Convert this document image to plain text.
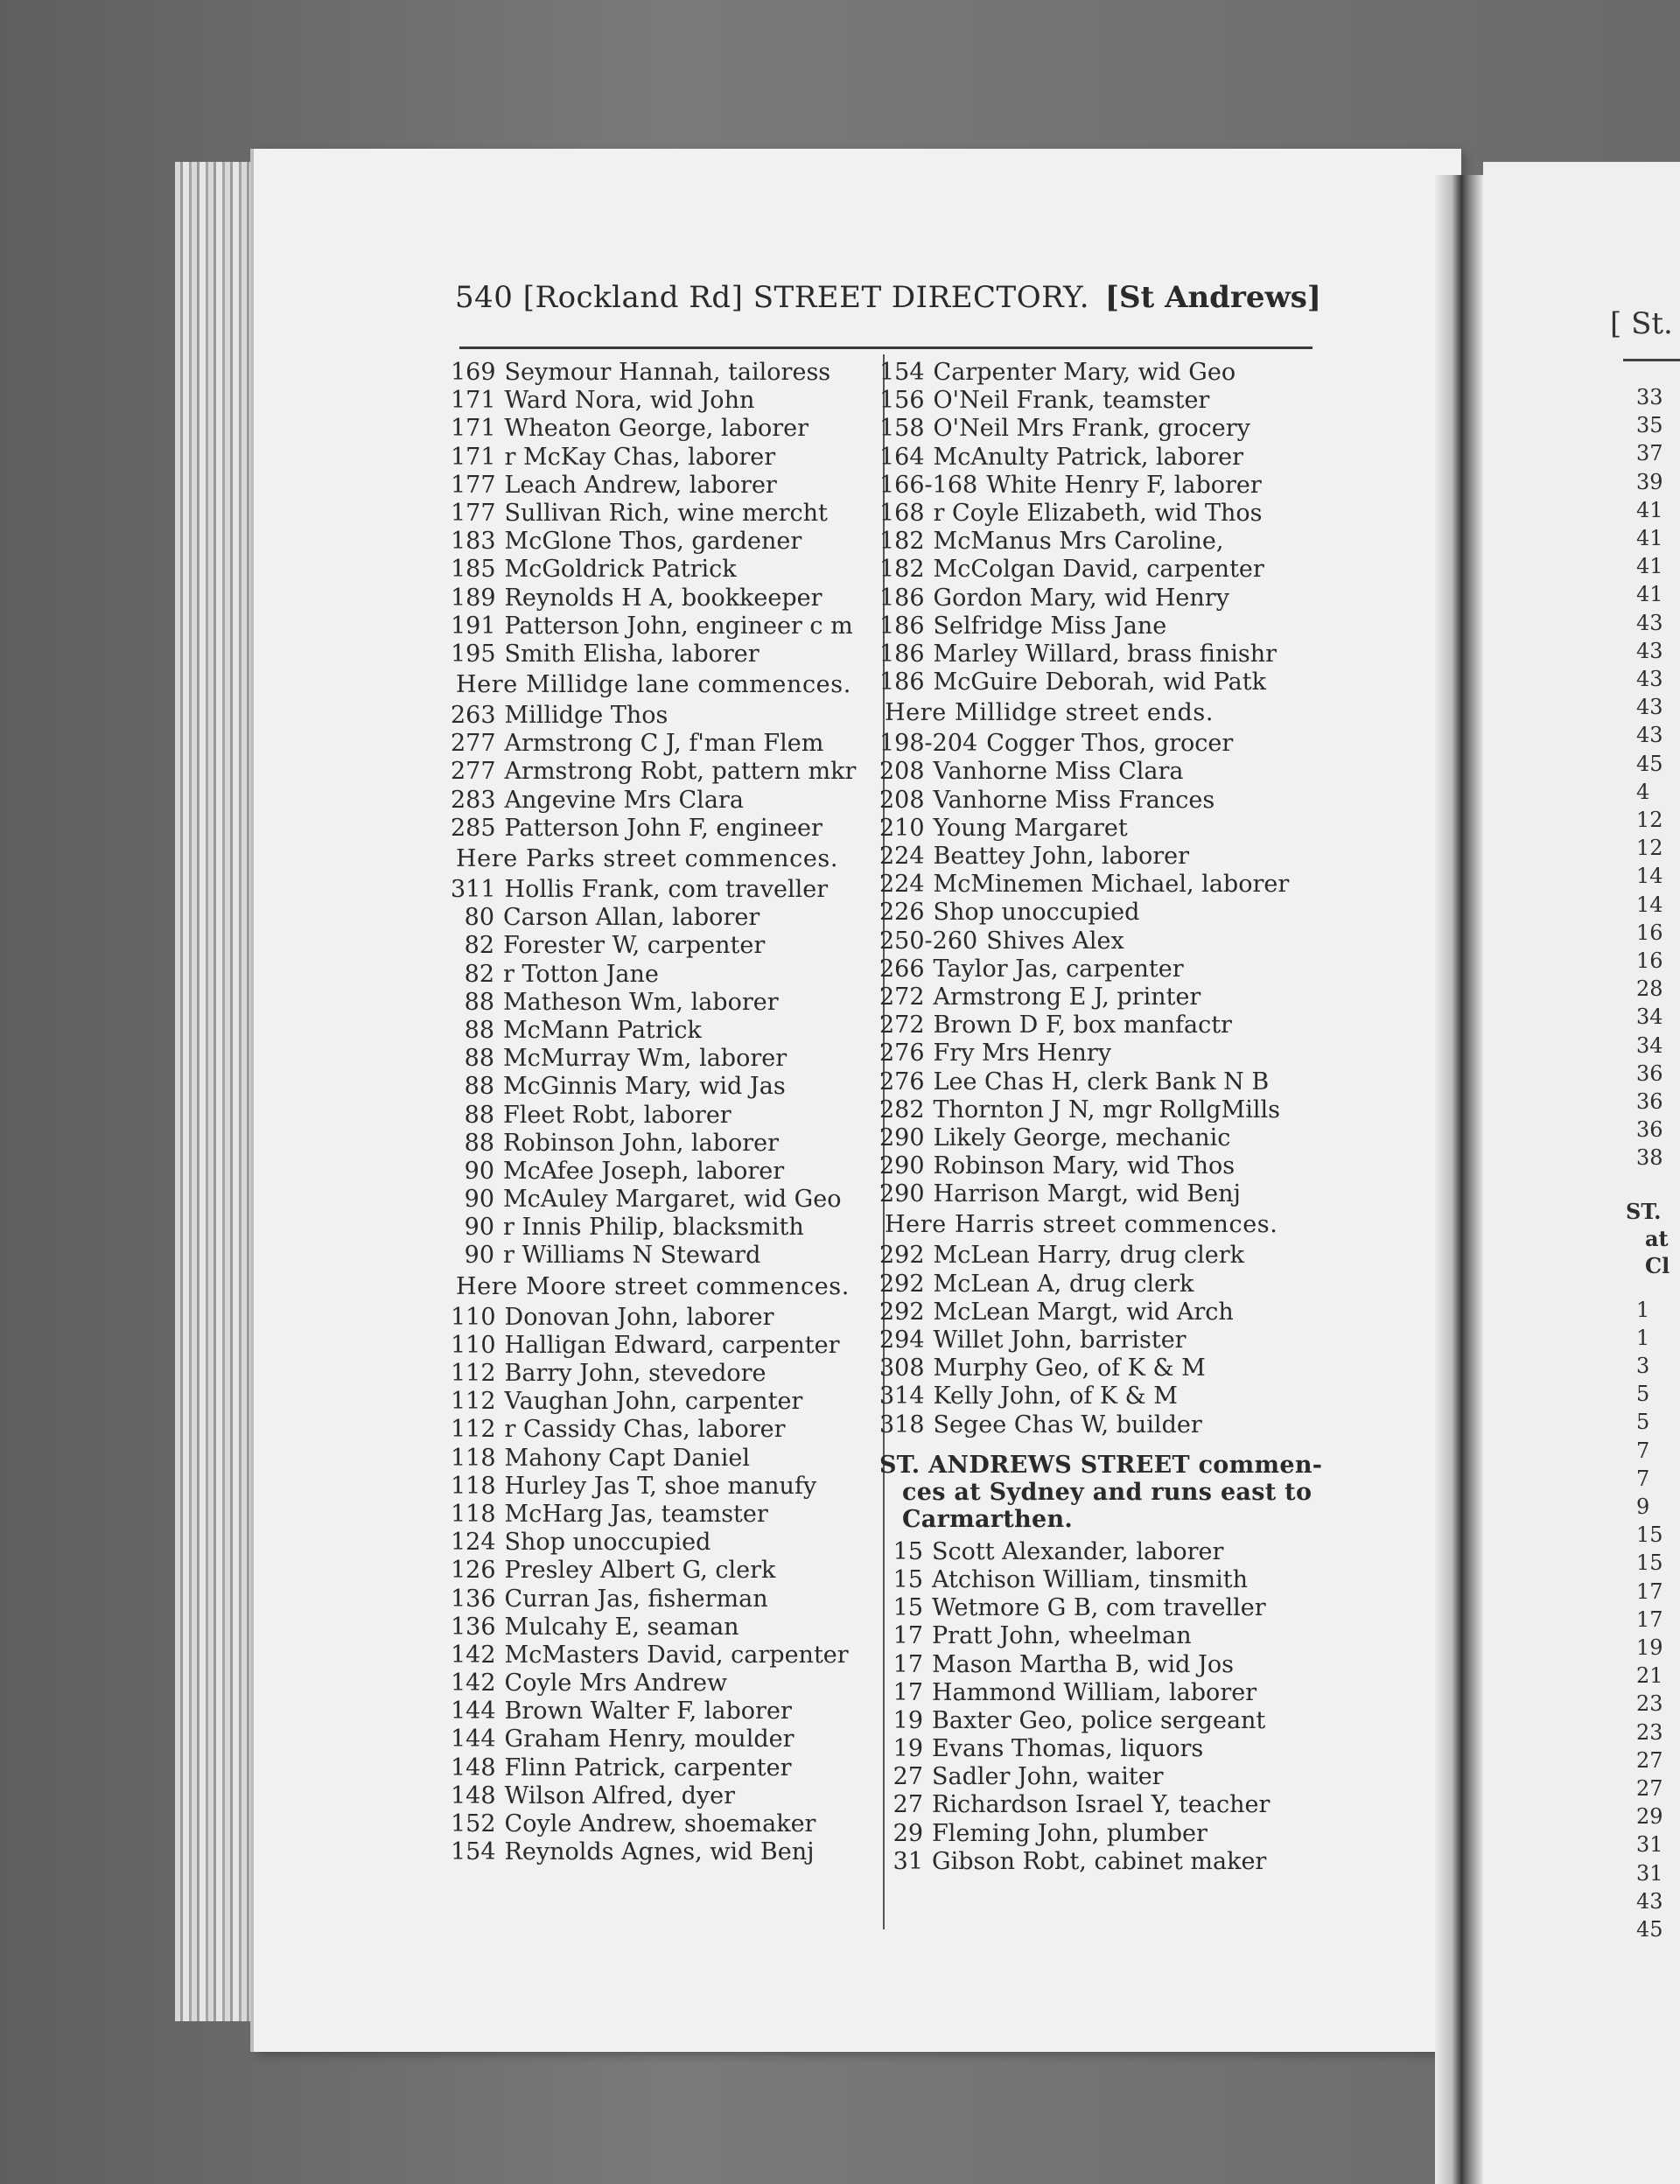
540 [Rockland Rd] STREET DIRECTORY. [St Andrews]
169 Seymour Hannah, tailoress
171 Ward Nora, wid John
171 Wheaton George, laborer
171 r McKay Chas, laborer
177 Leach Andrew, laborer
177 Sullivan Rich, wine mercht
183 McGlone Thos, gardener
185 McGoldrick Patrick
189 Reynolds H A, bookkeeper
191 Patterson John, engineer c m
195 Smith Elisha, laborer
Here Millidge lane commences.
263 Millidge Thos
277 Armstrong C J, f'man Flem
277 Armstrong Robt, pattern mkr
283 Angevine Mrs Clara
285 Patterson John F, engineer
Here Parks street commences.
311 Hollis Frank, com traveller
80 Carson Allan, laborer
82 Forester W, carpenter
82 r Totton Jane
88 Matheson Wm, laborer
88 McMann Patrick
88 McMurray Wm, laborer
88 McGinnis Mary, wid Jas
88 Fleet Robt, laborer
88 Robinson John, laborer
90 McAfee Joseph, laborer
90 McAuley Margaret, wid Geo
90 r Innis Philip, blacksmith
90 r Williams N Steward
Here Moore street commences.
110 Donovan John, laborer
110 Halligan Edward, carpenter
112 Barry John, stevedore
112 Vaughan John, carpenter
112 r Cassidy Chas, laborer
118 Mahony Capt Daniel
118 Hurley Jas T, shoe manufy
118 McHarg Jas, teamster
124 Shop unoccupied
126 Presley Albert G, clerk
136 Curran Jas, fisherman
136 Mulcahy E, seaman
142 McMasters David, carpenter
142 Coyle Mrs Andrew
144 Brown Walter F, laborer
144 Graham Henry, moulder
148 Flinn Patrick, carpenter
148 Wilson Alfred, dyer
152 Coyle Andrew, shoemaker
154 Reynolds Agnes, wid Benj
154 Carpenter Mary, wid Geo
156 O'Neil Frank, teamster
158 O'Neil Mrs Frank, grocery
164 McAnulty Patrick, laborer
166-168 White Henry F, laborer
168 r Coyle Elizabeth, wid Thos
182 McManus Mrs Caroline,
182 McColgan David, carpenter
186 Gordon Mary, wid Henry
186 Selfridge Miss Jane
186 Marley Willard, brass finishr
186 McGuire Deborah, wid Patk
Here Millidge street ends.
198-204 Cogger Thos, grocer
208 Vanhorne Miss Clara
208 Vanhorne Miss Frances
210 Young Margaret
224 Beattey John, laborer
224 McMinemen Michael, laborer
226 Shop unoccupied
250-260 Shives Alex
266 Taylor Jas, carpenter
272 Armstrong E J, printer
272 Brown D F, box manfactr
276 Fry Mrs Henry
276 Lee Chas H, clerk Bank N B
282 Thornton J N, mgr RollgMills
290 Likely George, mechanic
290 Robinson Mary, wid Thos
290 Harrison Margt, wid Benj
Here Harris street commences.
292 McLean Harry, drug clerk
292 McLean A, drug clerk
292 McLean Margt, wid Arch
294 Willet John, barrister
308 Murphy Geo, of K & M
314 Kelly John, of K & M
318 Segee Chas W, builder
ST. ANDREWS STREET commen-
ces at Sydney and runs east to
Carmarthen.
15 Scott Alexander, laborer
15 Atchison William, tinsmith
15 Wetmore G B, com traveller
17 Pratt John, wheelman
17 Mason Martha B, wid Jos
17 Hammond William, laborer
19 Baxter Geo, police sergeant
19 Evans Thomas, liquors
27 Sadler John, waiter
27 Richardson Israel Y, teacher
29 Fleming John, plumber
31 Gibson Robt, cabinet maker
[ St.
33
35
37
39
41
41
41
41
43
43
43
43
43
45
4
12
12
14
14
16
16
28
34
34
36
36
36
38
ST.
at
Cl
1
1
3
5
5
7
7
9
15
15
17
17
19
21
23
23
27
27
29
31
31
43
45
